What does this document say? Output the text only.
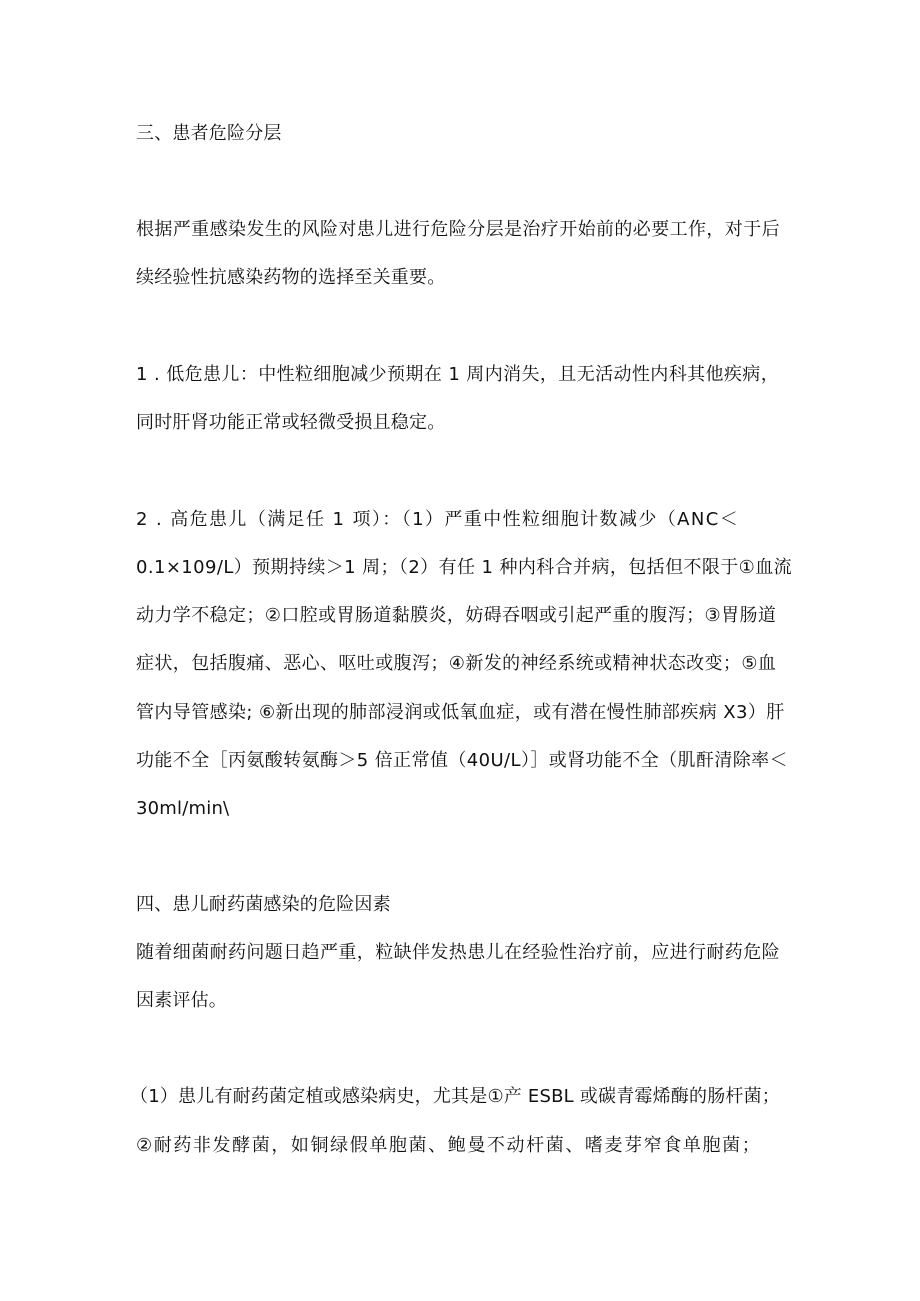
三、患者危险分层
根据严重感染发生的风险对患儿进行危险分层是治疗开始前的必要工作，对于后
续经验性抗感染药物的选择至关重要。
1 . 低危患儿：中性粒细胞减少预期在 1 周内消失，且无活动性内科其他疾病，
同时肝肾功能正常或轻微受损且稳定。
2 . 高危患儿（满足任 1 项）：（1）严重中性粒细胞计数减少（ANC＜
0.1×109/L）预期持续＞1 周；（2）有任 1 种内科合并病，包括但不限于①血流
动力学不稳定；②口腔或胃肠道黏膜炎，妨碍吞咽或引起严重的腹泻；③胃肠道
症状，包括腹痛、恶心、呕吐或腹泻；④新发的神经系统或精神状态改变；⑤血
管内导管感染; ⑥新出现的肺部浸润或低氧血症，或有潜在慢性肺部疾病 X3）肝
功能不全［丙氨酸转氨酶＞5 倍正常值（40U/L）］或肾功能不全（肌酐清除率＜
30ml/min\
四、患儿耐药菌感染的危险因素
随着细菌耐药问题日趋严重，粒缺伴发热患儿在经验性治疗前，应进行耐药危险
因素评估。
（1）患儿有耐药菌定植或感染病史，尤其是①产 ESBL 或碳青霉烯酶的肠杆菌；
②耐药非发酵菌，如铜绿假单胞菌、鲍曼不动杆菌、嗜麦芽窄食单胞菌；
